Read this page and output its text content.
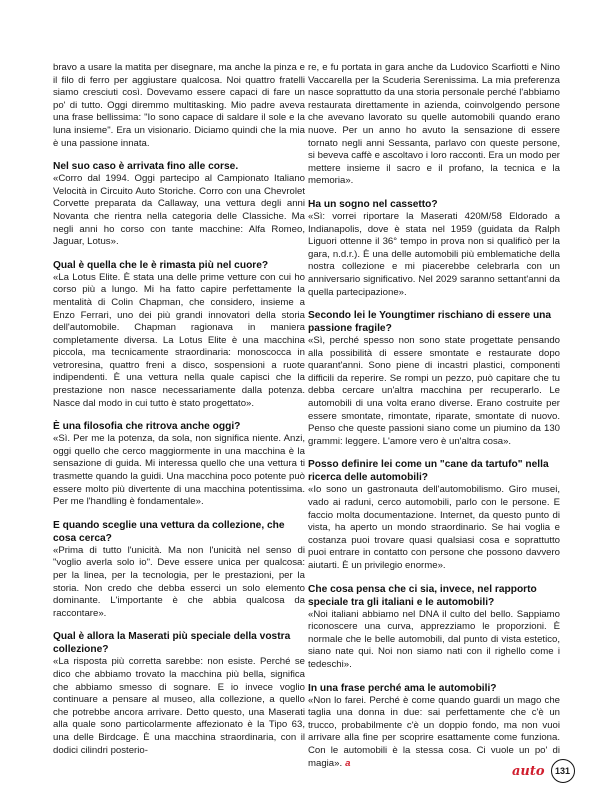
bravo a usare la matita per disegnare, ma anche la pinza e il filo di ferro per aggiustare qualcosa. Noi quattro fratelli siamo cresciuti così. Dovevamo essere capaci di fare un po' di tutto. Oggi diremmo multitasking. Mio padre aveva una frase bellissima: "Io sono capace di saldare il sole e la luna insieme". Era un visionario. Diciamo quindi che la mia è una passione innata.

Nel suo caso è arrivata fino alle corse.

«Corro dal 1994. Oggi partecipo al Campionato Italiano Velocità in Circuito Auto Storiche. Corro con una Chevrolet Corvette preparata da Callaway, una vettura degli anni Novanta che rientra nella categoria delle Classiche. Ma negli anni ho corso con tante macchine: Alfa Romeo, Jaguar, Lotus».

Qual è quella che le è rimasta più nel cuore?

«La Lotus Elite. È stata una delle prime vetture con cui ho corso più a lungo. Mi ha fatto capire perfettamente la mentalità di Colin Chapman, che considero, insieme a Enzo Ferrari, uno dei più grandi innovatori della storia dell'automobile. Chapman ragionava in maniera completamente diversa. La Lotus Elite è una macchina piccola, ma tecnicamente straordinaria: monoscocca in vetroresina, quattro freni a disco, sospensioni a ruote indipendenti. È una vettura nella quale capisci che la prestazione non nasce necessariamente dalla potenza. Nasce dal modo in cui tutto è stato progettato».

È una filosofia che ritrova anche oggi?

«Sì. Per me la potenza, da sola, non significa niente. Anzi, oggi quello che cerco maggiormente in una macchina è la sensazione di guida. Mi interessa quello che una vettura ti trasmette quando la guidi. Una macchina poco potente può essere molto più divertente di una macchina potentissima. Per me l'handling è fondamentale».

E quando sceglie una vettura da collezione, che cosa cerca?

«Prima di tutto l'unicità. Ma non l'unicità nel senso di "voglio averla solo io". Deve essere unica per qualcosa: per la linea, per la tecnologia, per le prestazioni, per la storia. Non credo che debba esserci un solo elemento dominante. L'importante è che abbia qualcosa da raccontare».

Qual è allora la Maserati più speciale della vostra collezione?

«La risposta più corretta sarebbe: non esiste. Perché se dico che abbiamo trovato la macchina più bella, significa che abbiamo smesso di sognare. E io invece voglio continuare a pensare al museo, alla collezione, a quello che potrebbe ancora arrivare. Detto questo, una Maserati alla quale sono particolarmente affezionato è la Tipo 63, una delle Birdcage. È una macchina straordinaria, con il dodici cilindri posterio-

re, e fu portata in gara anche da Ludovico Scarfiotti e Nino Vaccarella per la Scuderia Serenissima. La mia preferenza nasce soprattutto da una storia personale perché l'abbiamo restaurata direttamente in azienda, coinvolgendo persone che avevano lavorato su quelle automobili quando erano nuove. Per un anno ho avuto la sensazione di essere tornato negli anni Sessanta, parlavo con queste persone, si beveva caffè e ascoltavo i loro racconti. Era un modo per mettere insieme il sacro e il profano, la tecnica e la memoria».

Ha un sogno nel cassetto?

«Sì: vorrei riportare la Maserati 420M/58 Eldorado a Indianapolis, dove è stata nel 1959 (guidata da Ralph Liguori ottenne il 36° tempo in prova non si qualificò per la gara, n.d.r.). È una delle automobili più emblematiche della nostra collezione e mi piacerebbe celebrarla con un anniversario significativo. Nel 2029 saranno settant'anni da quella partecipazione».

Secondo lei le Youngtimer rischiano di essere una passione fragile?

«Sì, perché spesso non sono state progettate pensando alla possibilità di essere smontate e restaurate dopo quarant'anni. Sono piene di incastri plastici, componenti difficili da reperire. Se rompi un pezzo, può capitare che tu debba cercare un'altra macchina per recuperarlo. Le automobili di una volta erano diverse. Erano costruite per essere smontate, rimontate, riparate, smontate di nuovo. Penso che queste passioni siano come un piumino da 130 grammi: leggere. L'amore vero è un'altra cosa».

Posso definire lei come un "cane da tartufo" nella ricerca delle automobili?

«Io sono un gastronauta dell'automobilismo. Giro musei, vado ai raduni, cerco automobili, parlo con le persone. E faccio molta documentazione. Internet, da questo punto di vista, ha aperto un mondo straordinario. Se hai voglia e costanza puoi trovare quasi qualsiasi cosa e soprattutto puoi entrare in contatto con persone che possono davvero aiutarti. È un privilegio enorme».

Che cosa pensa che ci sia, invece, nel rapporto speciale tra gli italiani e le automobili?

«Noi italiani abbiamo nel DNA il culto del bello. Sappiamo riconoscere una curva, apprezziamo le proporzioni. È normale che le belle automobili, dal punto di vista estetico, siano nate qui. Noi non siamo nati con il righello come i tedeschi».

In una frase perché ama le automobili?

«Non lo farei. Perché è come quando guardi un mago che taglia una donna in due: sai perfettamente che c'è un trucco, probabilmente c'è un doppio fondo, ma non vuoi arrivare alla fine per scoprire esattamente come funziona. Con le automobili è la stessa cosa. Ci vuole un po' di magia». a

auto	131
